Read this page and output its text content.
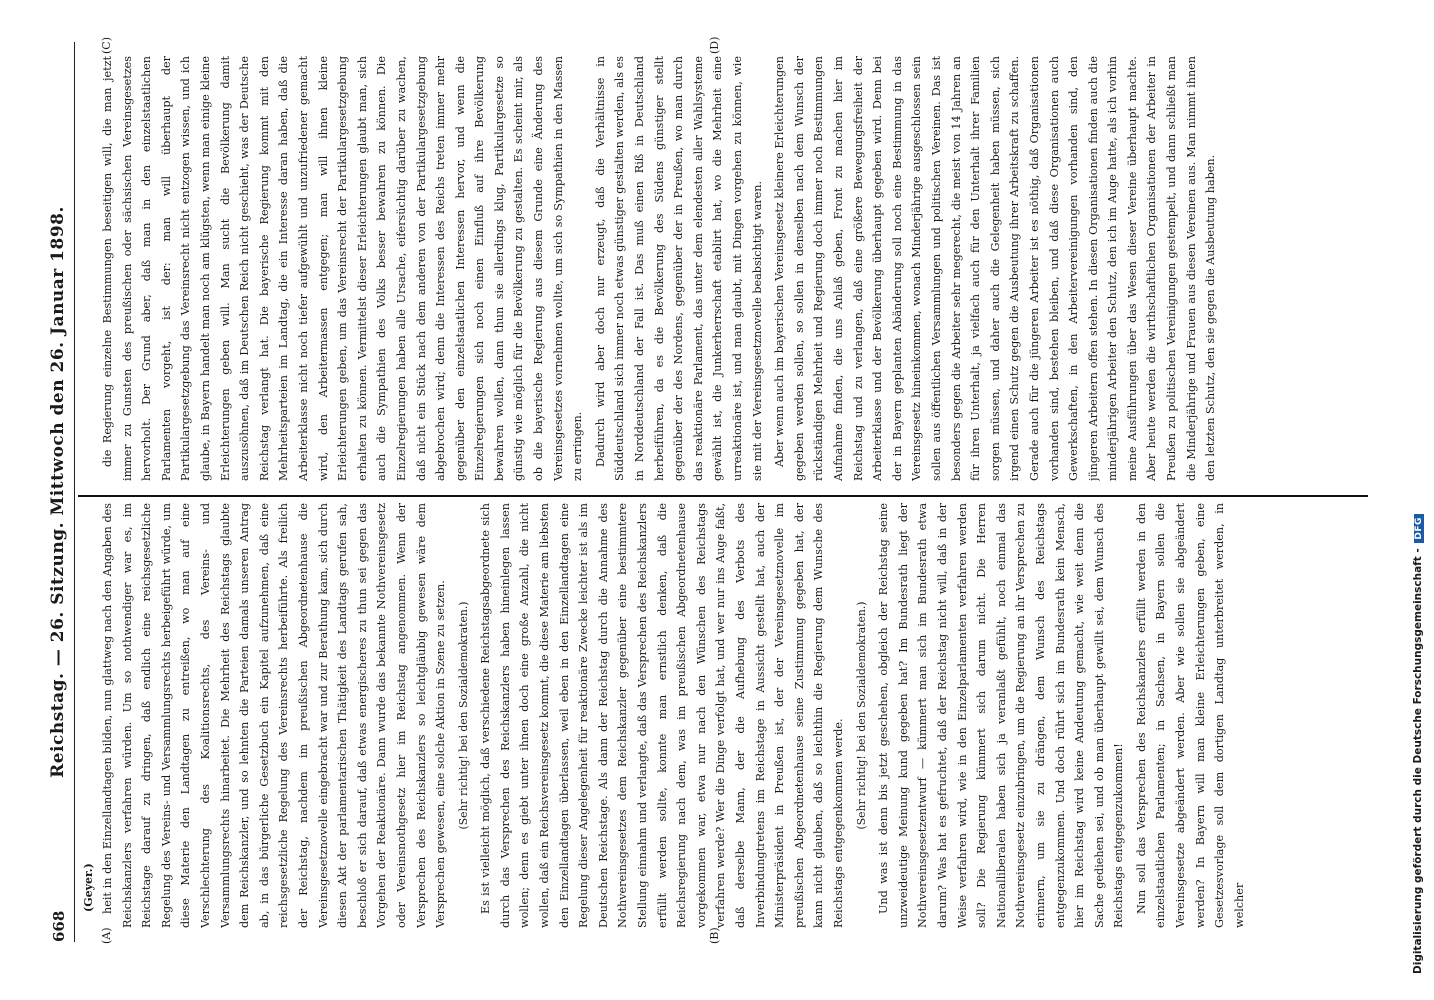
668
Reichstag. — 26. Sitzung. Mittwoch den 26. Januar 1898.
(A)	(B)
(C)	(D)
(Geyer.) heit in den Einzellandtagen bilden, nun glattweg nach den Angaben des Reichskanzlers verfahren würden. Um so nothwendiger war es, im Reichstage darauf zu dringen, daß endlich eine reichsgesetzliche Regelung des Vereins- und Versammlungsrechts herbeigeführt würde, um diese Materie den Landtagen zu entreißen, wo man auf eine Verschlechterung des Koalitionsrechts, des Vereins- und Versammlungsrechts hinarbeitet. Die Mehrheit des Reichstags glaubte dem Reichskanzler, und so lehnten die Parteien damals unseren Antrag ab, in das bürgerliche Gesetzbuch ein Kapitel aufzunehmen, daß eine reichsgesetzliche Regelung des Vereinsrechts herbeiführte. Als freilich der Reichstag, nachdem im preußischen Abgeordnetenhause die Vereinsgesetznovelle eingebracht war und zur Berathung kam, sich durch diesen Akt der parlamentarischen Thätigkeit des Landtags gerufen sah, beschloß er sich darauf, daß etwas energischeres zu thun sei gegen das Vorgehen der Reaktionäre. Dann wurde das bekannte Nothvereinsgesetz oder Vereinsnothgesetz hier im Reichstag angenommen. Wenn der Versprechen des Reichskanzlers so leichtgläubig gewesen wäre dem Versprechen gewesen, eine solche Aktion in Szene zu setzen. (Sehr richtig! bei den Sozialdemokraten.) Es ist vielleicht möglich, daß verschiedene Reichstagsabgeordnete sich durch das Versprechen des Reichskanzlers haben hineinlegen lassen wollen; denn es giebt unter ihnen doch eine große Anzahl, die nicht wollen, daß ein Reichsvereinsgesetz kommt, die diese Materie am liebsten den Einzellandtagen überlassen, weil eben in den Einzellandtagen eine Regelung dieser Angelegenheit für reaktionäre Zwecke leichter ist als im Deutschen Reichstage. Als dann der Reichstag durch die Annahme des Nothvereinsgesetzes dem Reichskanzler gegenüber eine bestimmtere Stellung einnahm und verlangte, daß das Versprechen des Reichskanzlers erfüllt werden sollte, konnte man ernstlich denken, daß die Reichsregierung nach dem, was im preußischen Abgeordnetenhause vorgekommen war, etwa nur nach den Wünschen des Reichstags verfahren werde? Wer die Dinge verfolgt hat, und wer nur ins Auge faßt, daß derselbe Mann, der die Aufhebung des Verbots des Inverbindungtretens im Reichstage in Aussicht gestellt hat, auch der Ministerpräsident in Preußen ist, der der Vereinsgesetznovelle im preußischen Abgeordnetenhause seine Zustimmung gegeben hat, der kann nicht glauben, daß so leichthin die Regierung dem Wunsche des Reichstags entgegenkommen werde. (Sehr richtig! bei den Sozialdemokraten.) Und was ist denn bis jetzt geschehen, obgleich der Reichstag seine unzweideutige Meinung kund gegeben hat? Im Bundesrath liegt der Nothvereinsgesetzentwurf — kümmert man sich im Bundesrath etwa darum? Was hat es gefruchtet, daß der Reichstag nicht will, daß in der Weise verfahren wird, wie in den Einzelparlamenten verfahren werden soll? Die Regierung kümmert sich darum nicht. Die Herren Nationalliberalen haben sich ja veranlaßt gefühlt, noch einmal das Nothvereinsgesetz einzubringen, um die Regierung an ihr Versprechen zu erinnern, um sie zu drängen, dem Wunsch des Reichstags entgegenzukommen. Und doch rührt sich im Bundesrath kein Mensch, hier im Reichstag wird keine Andeutung gemacht, wie weit denn die Sache gediehen sei, und ob man überhaupt gewillt sei, dem Wunsch des Reichstags entgegenzukommen! Nun soll das Versprechen des Reichskanzlers erfüllt werden in den einzelstaatlichen Parlamenten; in Sachsen, in Bayern sollen die Vereinsgesetze abgeändert werden. Aber wie sollen sie abgeändert werden? In Bayern will man kleine Erleichterungen geben, eine Gesetzesvorlage soll dem dortigen Landtag unterbreitet werden, in welcher

die Regierung einzelne Bestimmungen beseitigen will, die man jetzt immer zu Gunsten des preußischen oder sächsischen Vereinsgesetzes hervorholt. Der Grund aber, daß man in den einzelstaatlichen Parlamenten vorgeht, ist der: man will überhaupt der Partikulargesetzgebung das Vereinsrecht nicht entzogen wissen, und ich glaube, in Bayern handelt man noch am klügsten, wenn man einige kleine Erleichterungen geben will. Man sucht die Bevölkerung damit auszusöhnen, daß im Deutschen Reich nicht geschieht, was der Deutsche Reichstag verlangt hat. Die bayerische Regierung kommt mit den Mehrheitsparteien im Landtag, die ein Interesse daran haben, daß die Arbeiterklasse nicht noch tiefer aufgewühlt und unzufriedener gemacht wird, den Arbeitermassen entgegen; man will ihnen kleine Erleichterungen geben, um das Vereinsrecht der Partikulargesetzgebung erhalten zu können. Vermittelst dieser Erleichterungen glaubt man, sich auch die Sympathien des Volks besser bewahren zu können. Die Einzelregierungen haben alle Ursache, eifersüchtig darüber zu wachen, daß nicht ein Stück nach dem anderen von der Partikulargesetzgebung abgebrochen wird; denn die Interessen des Reichs treten immer mehr gegenüber den einzelstaatlichen Interessen hervor, und wenn die Einzelregierungen sich noch einen Einfluß auf ihre Bevölkerung bewahren wollen, dann thun sie allerdings klug, Partikulargesetze so günstig wie möglich für die Bevölkerung zu gestalten. Es scheint mir, als ob die bayerische Regierung aus diesem Grunde eine Änderung des Vereinsgesetzes vornehmen wollte, um sich so Sympathien in den Massen zu erringen. Dadurch wird aber doch nur erzeugt, daß die Verhältnisse in Süddeutschland sich immer noch etwas günstiger gestalten werden, als es in Norddeutschland der Fall ist. Das muß einen Riß in Deutschland herbeiführen, da es die Bevölkerung des Südens günstiger stellt gegenüber der des Nordens, gegenüber der in Preußen, wo man durch das reaktionäre Parlament, das unter dem elendesten aller Wahlsysteme gewählt ist, die Junkerherrschaft etablirt hat, wo die Mehrheit eine urreaktionäre ist, und man glaubt, mit Dingen vorgehen zu können, wie sie mit der Vereinsgesetznovelle beabsichtigt waren. Aber wenn auch im bayerischen Vereinsgesetz kleinere Erleichterungen gegeben werden sollen, so sollen in denselben nach dem Wunsch der rückständigen Mehrheit und Regierung doch immer noch Bestimmungen Aufnahme finden, die uns Anlaß geben, Front zu machen hier im Reichstag und zu verlangen, daß eine größere Bewegungsfreiheit der Arbeiterklasse und der Bevölkerung überhaupt gegeben wird. Denn bei der in Bayern geplanten Abänderung soll noch eine Bestimmung in das Vereinsgesetz hineinkommen, wonach Minderjährige ausgeschlossen sein sollen aus öffentlichen Versammlungen und politischen Vereinen. Das ist besonders gegen die Arbeiter sehr megerecht, die meist von 14 Jahren an für ihren Unterhalt, ja vielfach auch für den Unterhalt ihrer Familien sorgen müssen, und daher auch die Gelegenheit haben müssen, sich irgend einen Schutz gegen die Ausbeutung ihrer Arbeitskraft zu schaffen. Gerade auch für die jüngeren Arbeiter ist es nöthig, daß Organisationen vorhanden sind, bestehen bleiben, und daß diese Organisationen auch Gewerkschaften, in den Arbeitervereinigungen vorhanden sind, den jüngeren Arbeitern offen stehen. In diesen Organisationen finden auch die minderjährigen Arbeiter den Schutz, den ich im Auge hatte, als ich vorhin meine Ausführungen über das Wesen dieser Vereine überhaupt machte. Aber heute werden die wirthschaftlichen Organisationen der Arbeiter in Preußen zu politischen Vereinigungen gestempelt, und dann schließt man die Minderjährige und Frauen aus diesen Vereinen aus. Man nimmt ihnen den letzten Schutz, den sie gegen die Ausbeutung haben.

Digitalisierung gefördert durch die Deutsche Forschungsgemeinschaft - DFG
